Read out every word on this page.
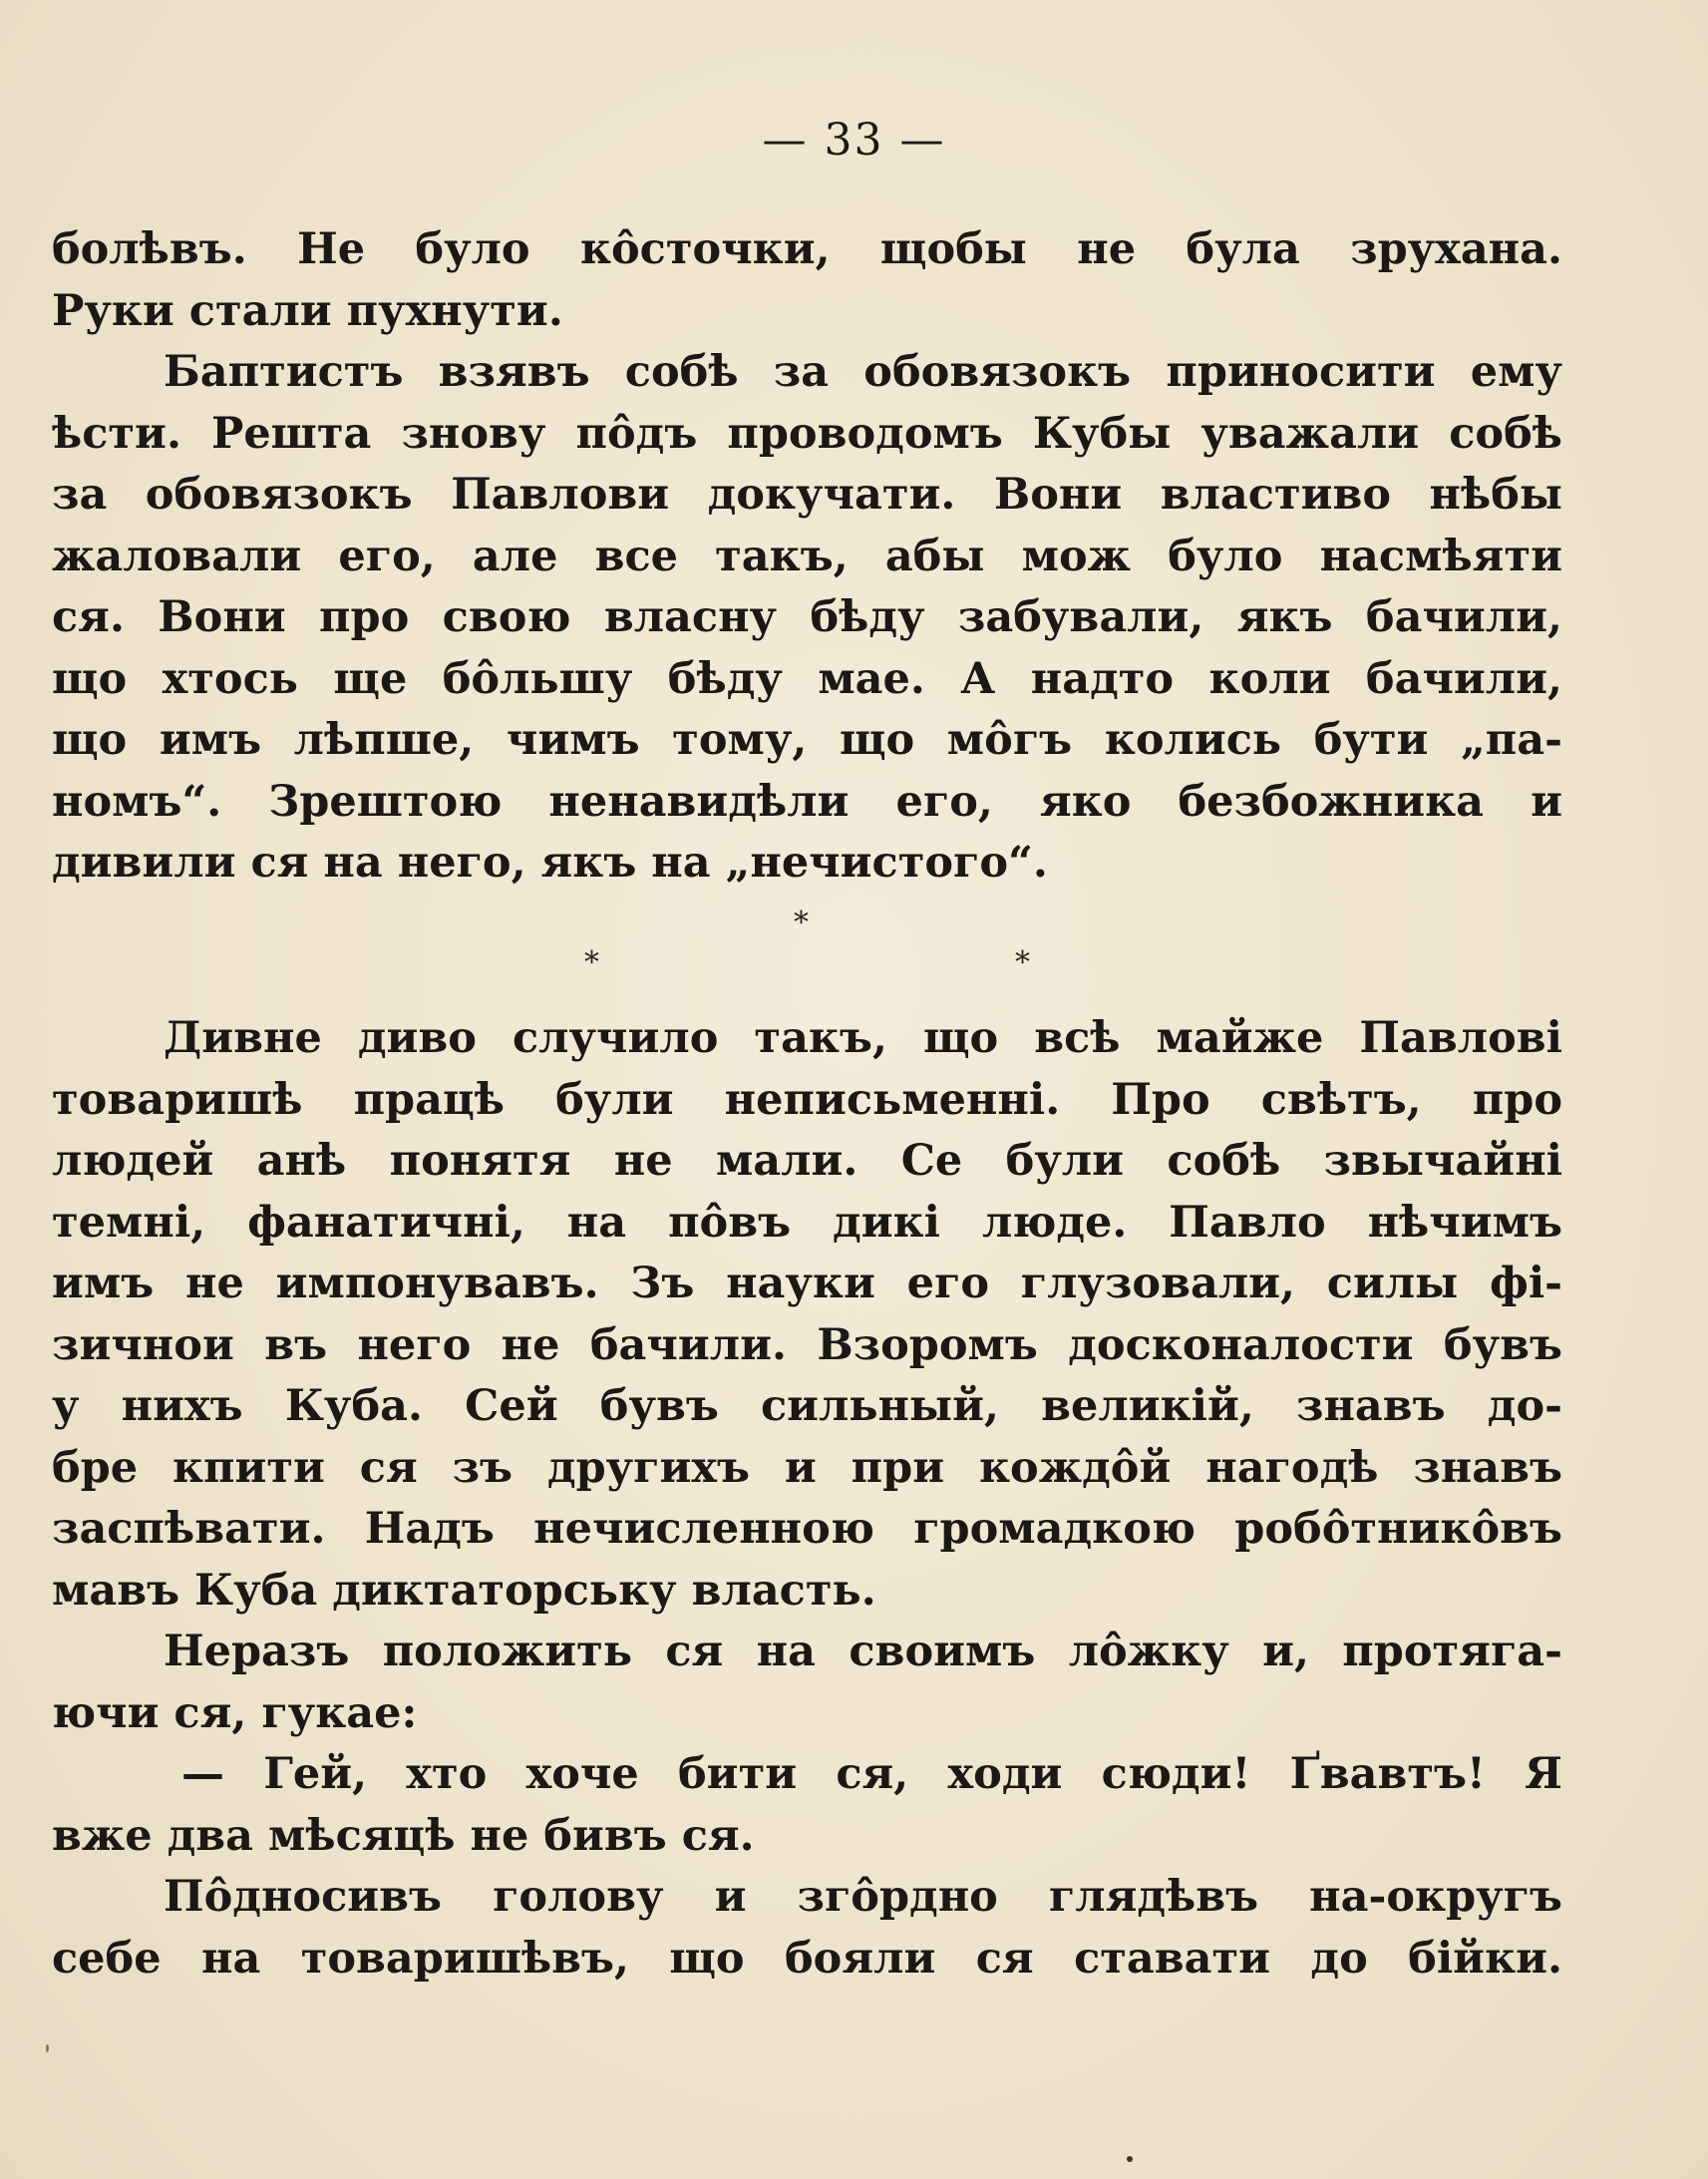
— 33 —
болѣвъ. Не було кôсточки, щобы не була зрухана.
Руки стали пухнути.
Баптистъ взявъ собѣ за обовязокъ приносити ему
ѣсти. Решта знову пôдъ проводомъ Кубы уважали собѣ
за обовязокъ Павлови докучати. Вони властиво нѣбы
жаловали его, але все такъ, абы мож було насмѣяти
ся. Вони про свою власну бѣду забували, якъ бачили,
що хтось ще бôльшу бѣду мае. А надто коли бачили,
що имъ лѣпше, чимъ тому, що мôгъ колись бути „па-
номъ“. Зрештою ненавидѣли его, яко безбожника и
дивили ся на него, якъ на „нечистого“.
*
*	*
Дивне диво случило такъ, що всѣ майже Павлові
товаришѣ працѣ були неписьменні. Про свѣтъ, про
людей анѣ понятя не мали. Се були собѣ звычайні
темні, фанатичні, на пôвъ дикі люде. Павло нѣчимъ
имъ не импонувавъ. Зъ науки его глузовали, силы фі-
зичнои въ него не бачили. Взоромъ досконалости бувъ
у нихъ Куба. Сей бувъ сильный, великій, знавъ до-
бре кпити ся зъ другихъ и при кождôй нагодѣ знавъ
заспѣвати. Надъ нечисленною громадкою робôтникôвъ
мавъ Куба диктаторську власть.
Неразъ положить ся на своимъ лôжку и, протяга-
ючи ся, гукае:
— Гей, хто хоче бити ся, ходи сюди! Ґвавтъ! Я
вже два мѣсяцѣ не бивъ ся.
Пôдносивъ голову и згôрдно глядѣвъ на-округъ
себе на товаришѣвъ, що бояли ся ставати до бійки.
